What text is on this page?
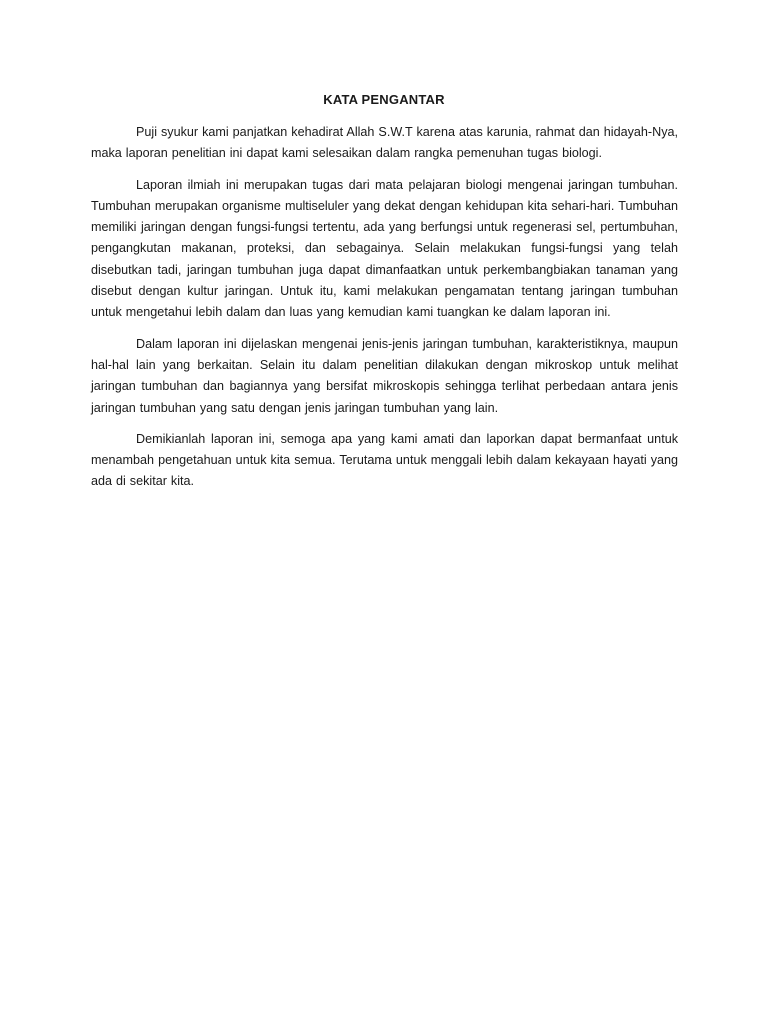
KATA PENGANTAR

Puji syukur kami panjatkan kehadirat Allah S.W.T karena atas karunia, rahmat dan hidayah-Nya, maka laporan penelitian ini dapat kami selesaikan dalam rangka pemenuhan tugas biologi.

Laporan ilmiah ini merupakan tugas dari mata pelajaran biologi mengenai jaringan tumbuhan. Tumbuhan merupakan organisme multiseluler yang dekat dengan kehidupan kita sehari-hari. Tumbuhan memiliki jaringan dengan fungsi-fungsi tertentu, ada yang berfungsi untuk regenerasi sel, pertumbuhan, pengangkutan makanan, proteksi, dan sebagainya. Selain melakukan fungsi-fungsi yang telah disebutkan tadi, jaringan tumbuhan juga dapat dimanfaatkan untuk perkembangbiakan tanaman yang disebut dengan kultur jaringan. Untuk itu, kami melakukan pengamatan tentang jaringan tumbuhan untuk mengetahui lebih dalam dan luas yang kemudian kami tuangkan ke dalam laporan ini.

Dalam laporan ini dijelaskan mengenai jenis-jenis jaringan tumbuhan, karakteristiknya, maupun hal-hal lain yang berkaitan. Selain itu dalam penelitian dilakukan dengan mikroskop untuk melihat jaringan tumbuhan dan bagiannya yang bersifat mikroskopis sehingga terlihat perbedaan antara jenis jaringan tumbuhan yang satu dengan jenis jaringan tumbuhan yang lain.

Demikianlah laporan ini, semoga apa yang kami amati dan laporkan dapat bermanfaat untuk menambah pengetahuan untuk kita semua. Terutama untuk menggali lebih dalam kekayaan hayati yang ada di sekitar kita.
